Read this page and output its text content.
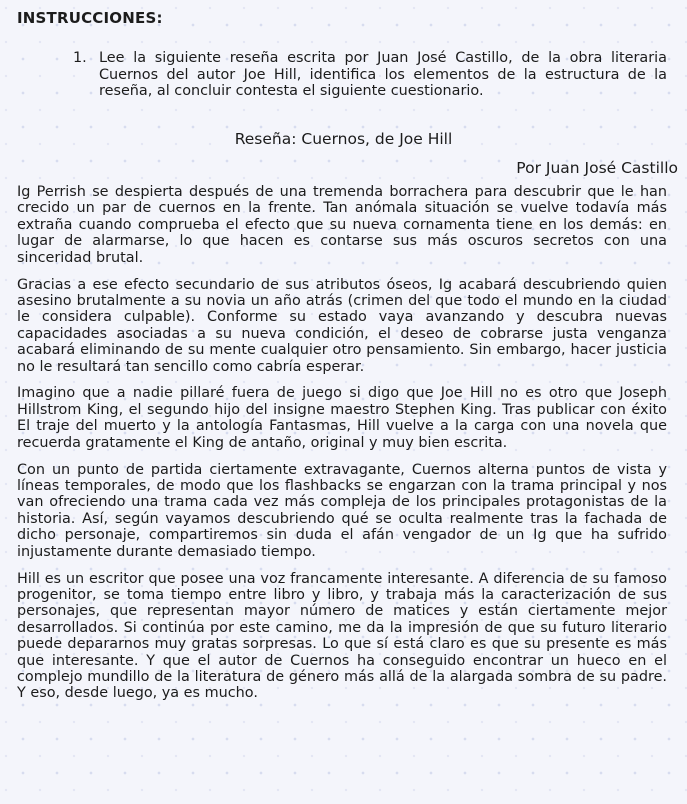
INSTRUCCIONES:
1. Lee la siguiente reseña escrita por Juan José Castillo, de la obra literaria Cuernos del autor Joe Hill, identifica los elementos de la estructura de la reseña, al concluir contesta el siguiente cuestionario.
Reseña: Cuernos, de Joe Hill

Por Juan José Castillo

Ig Perrish se despierta después de una tremenda borrachera para descubrir que le han crecido un par de cuernos en la frente. Tan anómala situación se vuelve todavía más extraña cuando comprueba el efecto que su nueva cornamenta tiene en los demás: en lugar de alarmarse, lo que hacen es contarse sus más oscuros secretos con una sinceridad brutal.

Gracias a ese efecto secundario de sus atributos óseos, Ig acabará descubriendo quien asesino brutalmente a su novia un año atrás (crimen del que todo el mundo en la ciudad le considera culpable). Conforme su estado vaya avanzando y descubra nuevas capacidades asociadas a su nueva condición, el deseo de cobrarse justa venganza acabará eliminando de su mente cualquier otro pensamiento. Sin embargo, hacer justicia no le resultará tan sencillo como cabría esperar.

Imagino que a nadie pillaré fuera de juego si digo que Joe Hill no es otro que Joseph Hillstrom King, el segundo hijo del insigne maestro Stephen King. Tras publicar con éxito El traje del muerto y la antología Fantasmas, Hill vuelve a la carga con una novela que recuerda gratamente el King de antaño, original y muy bien escrita.

Con un punto de partida ciertamente extravagante, Cuernos alterna puntos de vista y líneas temporales, de modo que los flashbacks se engarzan con la trama principal y nos van ofreciendo una trama cada vez más compleja de los principales protagonistas de la historia. Así, según vayamos descubriendo qué se oculta realmente tras la fachada de dicho personaje, compartiremos sin duda el afán vengador de un Ig que ha sufrido injustamente durante demasiado tiempo.

Hill es un escritor que posee una voz francamente interesante. A diferencia de su famoso progenitor, se toma tiempo entre libro y libro, y trabaja más la caracterización de sus personajes, que representan mayor número de matices y están ciertamente mejor desarrollados. Si continúa por este camino, me da la impresión de que su futuro literario puede depararnos muy gratas sorpresas. Lo que sí está claro es que su presente es más que interesante. Y que el autor de Cuernos ha conseguido encontrar un hueco en el complejo mundillo de la literatura de género más allá de la alargada sombra de su padre. Y eso, desde luego, ya es mucho.
